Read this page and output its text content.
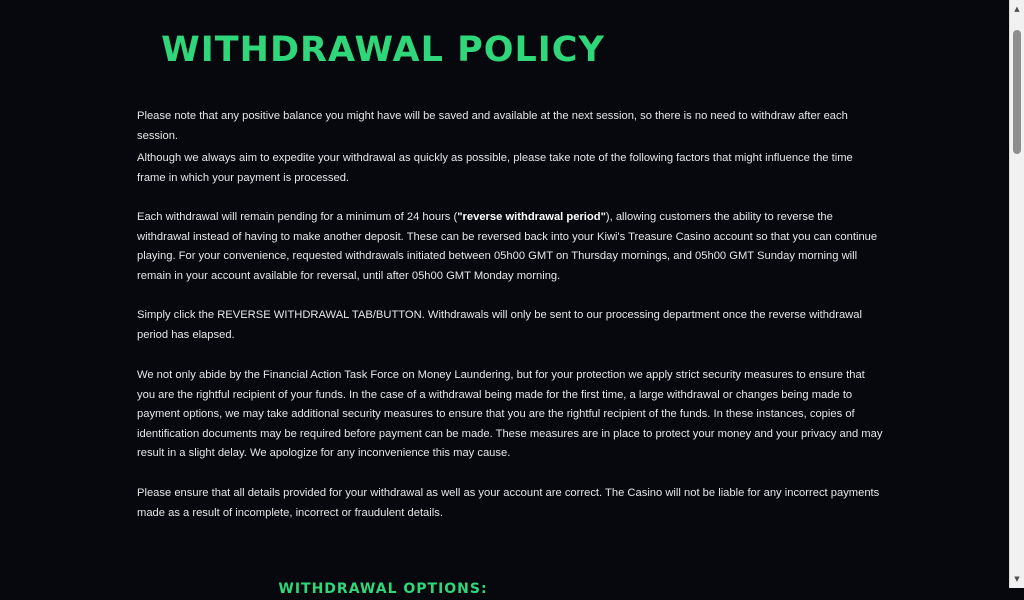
WITHDRAWAL POLICY

Please note that any positive balance you might have will be saved and available at the next session, so there is no need to withdraw after each session.

Although we always aim to expedite your withdrawal as quickly as possible, please take note of the following factors that might influence the time frame in which your payment is processed.

Each withdrawal will remain pending for a minimum of 24 hours ("reverse withdrawal period"), allowing customers the ability to reverse the withdrawal instead of having to make another deposit. These can be reversed back into your Kiwi's Treasure Casino account so that you can continue playing. For your convenience, requested withdrawals initiated between 05h00 GMT on Thursday mornings, and 05h00 GMT Sunday morning will remain in your account available for reversal, until after 05h00 GMT Monday morning.

Simply click the REVERSE WITHDRAWAL TAB/BUTTON. Withdrawals will only be sent to our processing department once the reverse withdrawal period has elapsed.

We not only abide by the Financial Action Task Force on Money Laundering, but for your protection we apply strict security measures to ensure that you are the rightful recipient of your funds. In the case of a withdrawal being made for the first time, a large withdrawal or changes being made to payment options, we may take additional security measures to ensure that you are the rightful recipient of the funds. In these instances, copies of identification documents may be required before payment can be made. These measures are in place to protect your money and your privacy and may result in a slight delay. We apologize for any inconvenience this may cause.

Please ensure that all details provided for your withdrawal as well as your account are correct. The Casino will not be liable for any incorrect payments made as a result of incomplete, incorrect or fraudulent details.

WITHDRAWAL OPTIONS:
▲
▼
